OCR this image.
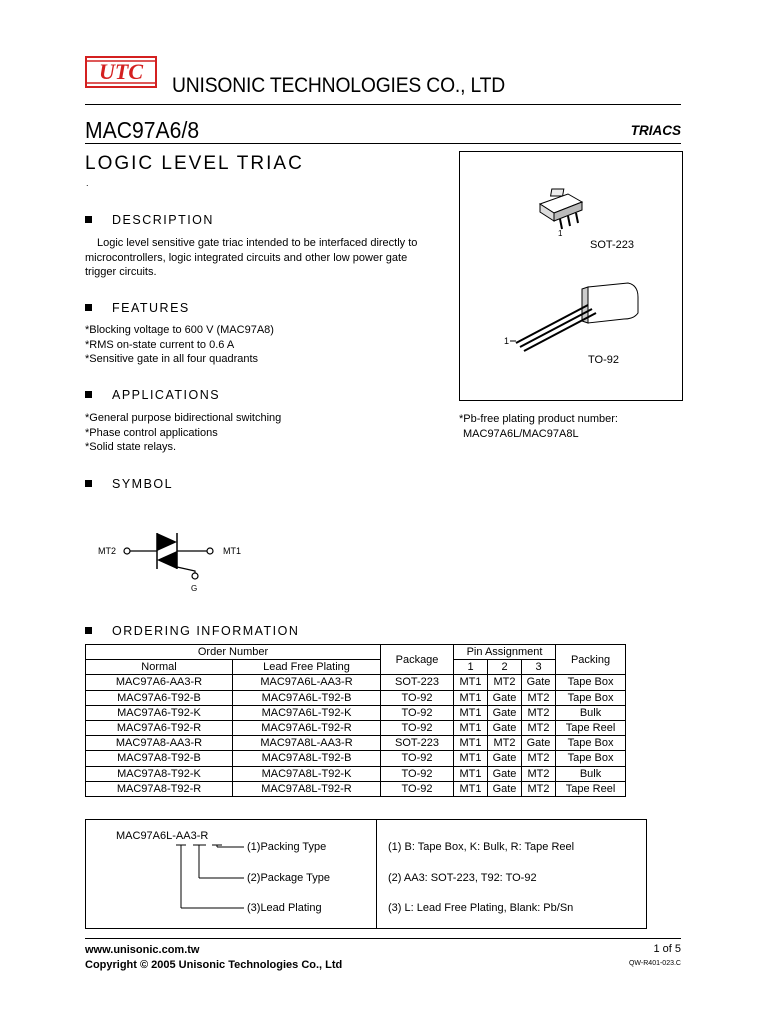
UTC
UNISONIC TECHNOLOGIES CO., LTD
MAC97A6/8	TRIACS
LOGIC LEVEL TRIAC
.
DESCRIPTION

Logic level sensitive gate triac intended to be interfaced directly to microcontrollers, logic integrated circuits and other low power gate trigger circuits.

FEATURES

*Blocking voltage to 600 V (MAC97A8)

*RMS on-state current to 0.6 A

*Sensitive gate in all four quadrants

APPLICATIONS

*General purpose bidirectional switching

*Phase control applications

*Solid state relays.

SYMBOL
MT2	MT1
G
1
SOT-223
1
TO-92
*Pb-free plating product number:
MAC97A6L/MAC97A8L
ORDERING INFORMATION
Order Number		Package	Pin Assignment			Packing
Normal	Lead Free Plating		1	2	3	
MAC97A6-AA3-R	MAC97A6L-AA3-R	SOT-223	MT1	MT2	Gate	Tape Box
MAC97A6-T92-B	MAC97A6L-T92-B	TO-92	MT1	Gate	MT2	Tape Box
MAC97A6-T92-K	MAC97A6L-T92-K	TO-92	MT1	Gate	MT2	Bulk
MAC97A6-T92-R	MAC97A6L-T92-R	TO-92	MT1	Gate	MT2	Tape Reel
MAC97A8-AA3-R	MAC97A8L-AA3-R	SOT-223	MT1	MT2	Gate	Tape Box
MAC97A8-T92-B	MAC97A8L-T92-B	TO-92	MT1	Gate	MT2	Tape Box
MAC97A8-T92-K	MAC97A8L-T92-K	TO-92	MT1	Gate	MT2	Bulk
MAC97A8-T92-R	MAC97A8L-T92-R	TO-92	MT1	Gate	MT2	Tape Reel
MAC97A6L-AA3-R
(1)Packing Type
(2)Package Type
(3)Lead Plating
(1) B: Tape Box, K: Bulk, R: Tape Reel
(2) AA3: SOT-223, T92: TO-92
(3) L: Lead Free Plating, Blank: Pb/Sn
www.unisonic.com.tw
Copyright © 2005 Unisonic Technologies Co., Ltd
1 of 5
QW-R401-023.C
